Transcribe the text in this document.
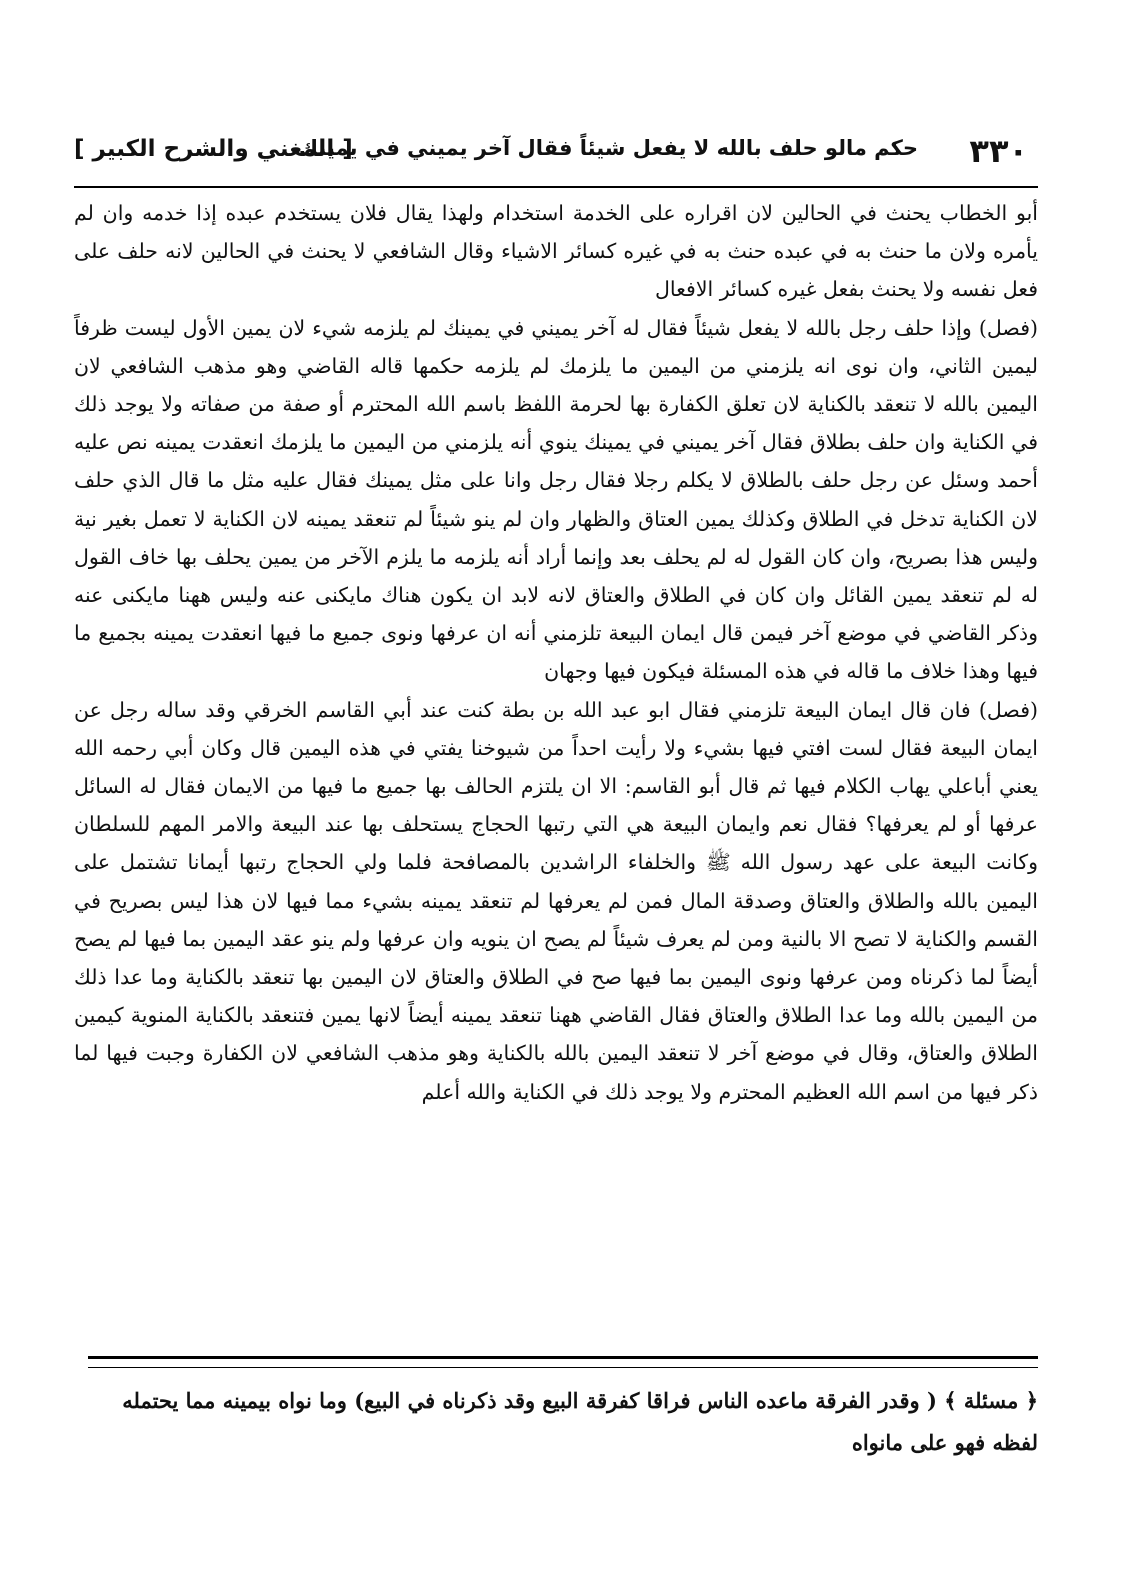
٣٣٠
حكم مالو حلف بالله لا يفعل شيئاً فقال آخر يميني في يمينك
[ المغني والشرح الكبير ]

أبو الخطاب يحنث في الحالين لان اقراره على الخدمة استخدام ولهذا يقال فلان يستخدم عبده إذا خدمه وان لم يأمره ولان ما حنث به في عبده حنث به في غيره كسائر الاشياء وقال الشافعي لا يحنث في الحالين لانه حلف على فعل نفسه ولا يحنث بفعل غيره كسائر الافعال

(فصل) وإذا حلف رجل بالله لا يفعل شيئاً فقال له آخر يميني في يمينك لم يلزمه شيء لان يمين الأول ليست ظرفاً ليمين الثاني، وان نوى انه يلزمني من اليمين ما يلزمك لم يلزمه حكمها قاله القاضي وهو مذهب الشافعي لان اليمين بالله لا تنعقد بالكناية لان تعلق الكفارة بها لحرمة اللفظ باسم الله المحترم أو صفة من صفاته ولا يوجد ذلك في الكناية وان حلف بطلاق فقال آخر يميني في يمينك ينوي أنه يلزمني من اليمين ما يلزمك انعقدت يمينه نص عليه أحمد وسئل عن رجل حلف بالطلاق لا يكلم رجلا فقال رجل وانا على مثل يمينك فقال عليه مثل ما قال الذي حلف لان الكناية تدخل في الطلاق وكذلك يمين العتاق والظهار وان لم ينو شيئاً لم تنعقد يمينه لان الكناية لا تعمل بغير نية وليس هذا بصريح، وان كان القول له لم يحلف بعد وإنما أراد أنه يلزمه ما يلزم الآخر من يمين يحلف بها خاف القول له لم تنعقد يمين القائل وان كان في الطلاق والعتاق لانه لابد ان يكون هناك مايكنى عنه وليس ههنا مايكنى عنه وذكر القاضي في موضع آخر فيمن قال ايمان البيعة تلزمني أنه ان عرفها ونوى جميع ما فيها انعقدت يمينه بجميع ما فيها وهذا خلاف ما قاله في هذه المسئلة فيكون فيها وجهان

(فصل) فان قال ايمان البيعة تلزمني فقال ابو عبد الله بن بطة كنت عند أبي القاسم الخرقي وقد ساله رجل عن ايمان البيعة فقال لست افتي فيها بشيء ولا رأيت احداً من شيوخنا يفتي في هذه اليمين قال وكان أبي رحمه الله يعني أباعلي يهاب الكلام فيها ثم قال أبو القاسم: الا ان يلتزم الحالف بها جميع ما فيها من الايمان فقال له السائل عرفها أو لم يعرفها؟ فقال نعم وايمان البيعة هي التي رتبها الحجاج يستحلف بها عند البيعة والامر المهم للسلطان وكانت البيعة على عهد رسول الله ﷺ والخلفاء الراشدين بالمصافحة فلما ولي الحجاج رتبها أيمانا تشتمل على اليمين بالله والطلاق والعتاق وصدقة المال فمن لم يعرفها لم تنعقد يمينه بشيء مما فيها لان هذا ليس بصريح في القسم والكناية لا تصح الا بالنية ومن لم يعرف شيئاً لم يصح ان ينويه وان عرفها ولم ينو عقد اليمين بما فيها لم يصح أيضاً لما ذكرناه ومن عرفها ونوى اليمين بما فيها صح في الطلاق والعتاق لان اليمين بها تنعقد بالكناية وما عدا ذلك من اليمين بالله وما عدا الطلاق والعتاق فقال القاضي ههنا تنعقد يمينه أيضاً لانها يمين فتنعقد بالكناية المنوية كيمين الطلاق والعتاق، وقال في موضع آخر لا تنعقد اليمين بالله بالكناية وهو مذهب الشافعي لان الكفارة وجبت فيها لما ذكر فيها من اسم الله العظيم المحترم ولا يوجد ذلك في الكناية والله أعلم

﴿ مسئلة ﴾ ( وقدر الفرقة ماعده الناس فراقا كفرقة البيع وقد ذكرناه في البيع) وما نواه بيمينه مما يحتمله لفظه فهو على مانواه
